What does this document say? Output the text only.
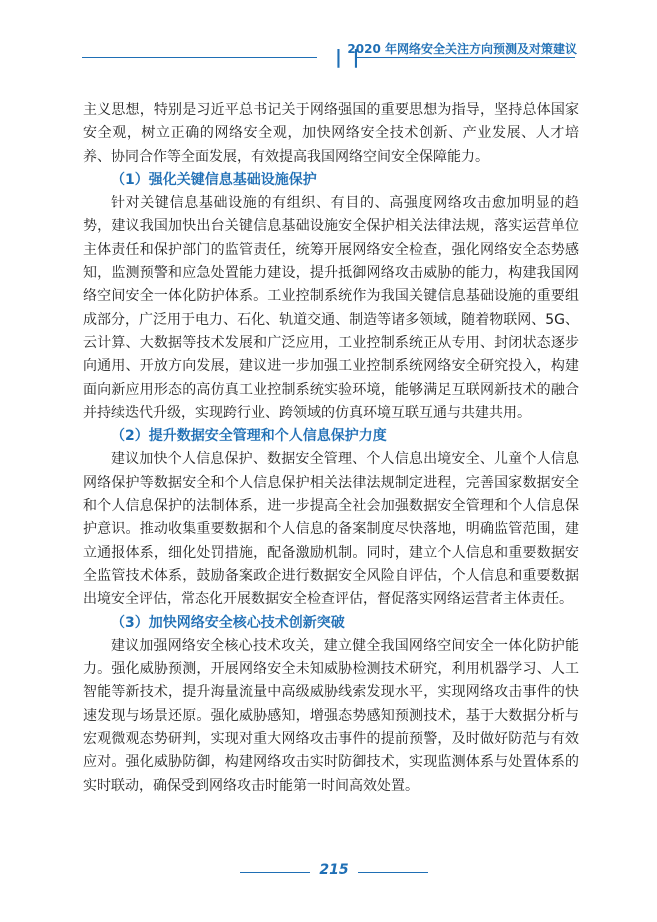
| |
2020 年网络安全关注方向预测及对策建议

主义思想，特别是习近平总书记关于网络强国的重要思想为指导，坚持总体国家安全观，树立正确的网络安全观，加快网络安全技术创新、产业发展、人才培养、协同合作等全面发展，有效提高我国网络空间安全保障能力。

（1）强化关键信息基础设施保护

针对关键信息基础设施的有组织、有目的、高强度网络攻击愈加明显的趋势，建议我国加快出台关键信息基础设施安全保护相关法律法规，落实运营单位主体责任和保护部门的监管责任，统筹开展网络安全检查，强化网络安全态势感知，监测预警和应急处置能力建设，提升抵御网络攻击威胁的能力，构建我国网络空间安全一体化防护体系。工业控制系统作为我国关键信息基础设施的重要组成部分，广泛用于电力、石化、轨道交通、制造等诸多领域，随着物联网、5G、云计算、大数据等技术发展和广泛应用，工业控制系统正从专用、封闭状态逐步向通用、开放方向发展，建议进一步加强工业控制系统网络安全研究投入，构建面向新应用形态的高仿真工业控制系统实验环境，能够满足互联网新技术的融合并持续迭代升级，实现跨行业、跨领域的仿真环境互联互通与共建共用。

（2）提升数据安全管理和个人信息保护力度

建议加快个人信息保护、数据安全管理、个人信息出境安全、儿童个人信息网络保护等数据安全和个人信息保护相关法律法规制定进程，完善国家数据安全和个人信息保护的法制体系，进一步提高全社会加强数据安全管理和个人信息保护意识。推动收集重要数据和个人信息的备案制度尽快落地，明确监管范围，建立通报体系，细化处罚措施，配备激励机制。同时，建立个人信息和重要数据安全监管技术体系，鼓励备案政企进行数据安全风险自评估，个人信息和重要数据出境安全评估，常态化开展数据安全检查评估，督促落实网络运营者主体责任。

（3）加快网络安全核心技术创新突破

建议加强网络安全核心技术攻关，建立健全我国网络空间安全一体化防护能力。强化威胁预测，开展网络安全未知威胁检测技术研究，利用机器学习、人工智能等新技术，提升海量流量中高级威胁线索发现水平，实现网络攻击事件的快速发现与场景还原。强化威胁感知，增强态势感知预测技术，基于大数据分析与宏观微观态势研判，实现对重大网络攻击事件的提前预警，及时做好防范与有效应对。强化威胁防御，构建网络攻击实时防御技术，实现监测体系与处置体系的实时联动，确保受到网络攻击时能第一时间高效处置。

215
